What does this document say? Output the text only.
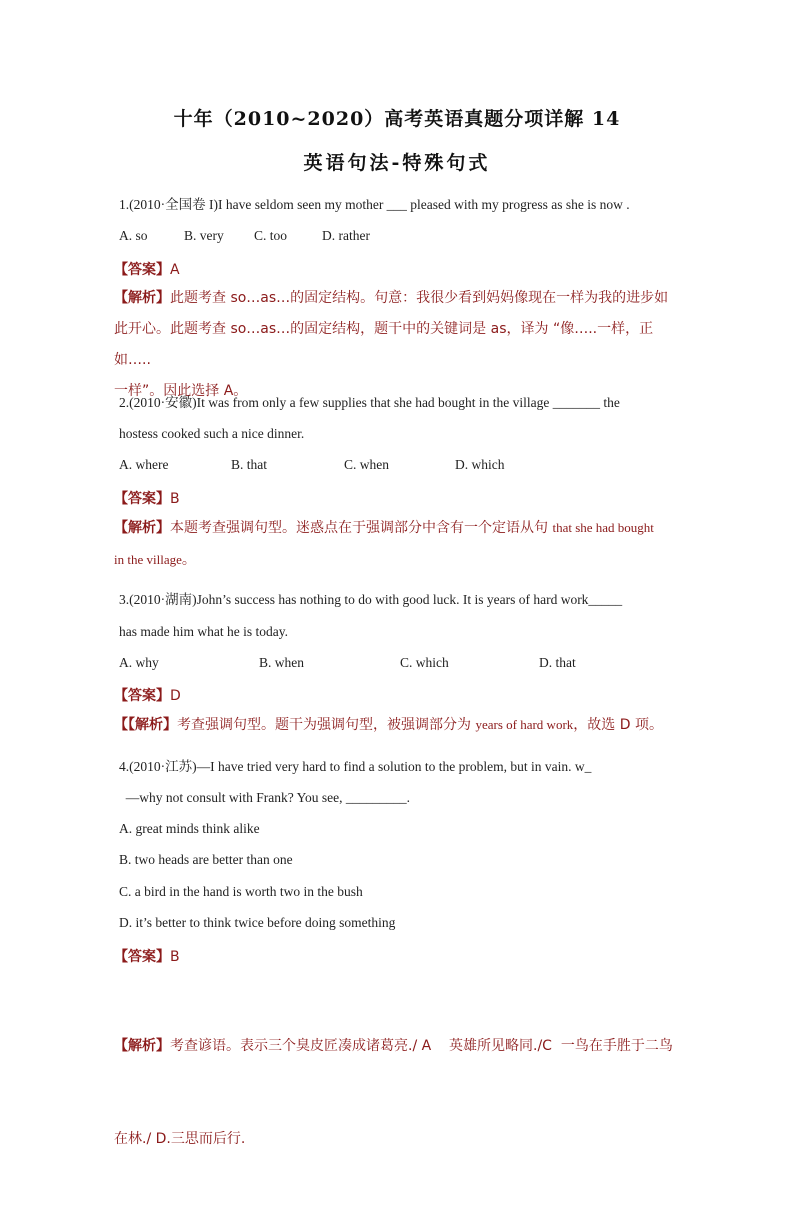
十年（2010~2020）高考英语真题分项详解 14
英语句法-特殊句式
1.(2010·全国卷 I)I have seldom seen my mother ___ pleased with my progress as she is now .
A. so	B. very C. too	D. rather
【答案】A
【解析】此题考查 so…as…的固定结构。句意：我很少看到妈妈像现在一样为我的进步如
此开心。此题考查 so…as…的固定结构，题干中的关键词是 as，译为 “像…..一样，正如…..
一样”。因此选择 A。
2.(2010·安徽)It was from only a few supplies that she had bought in the village _______ the
hostess cooked such a nice dinner.
A. where	B. that	C. when	D. which
【答案】B
【解析】本题考查强调句型。迷惑点在于强调部分中含有一个定语从句 that she had bought
in the village。
3.(2010·湖南)John’s success has nothing to do with good luck. It is years of hard work_____
has made him what he is today.
A. why	B. when	C. which	D. that
【答案】D
【【解析】考查强调句型。题干为强调句型，被强调部分为 years of hard work，故选 D 项。
4.(2010·江苏)—I have tried very hard to find a solution to the problem, but in vain. w_
—why not consult with Frank? You see, _________.
A. great minds think alike
B. two heads are better than one
C. a bird in the hand is worth two in the bush
D. it’s better to think twice before doing something
【答案】B

【解析】考查谚语。表示三个臭皮匠凑成诸葛亮./ A    英雄所见略同./C  一鸟在手胜于二鸟

在林./ D.三思而后行.
